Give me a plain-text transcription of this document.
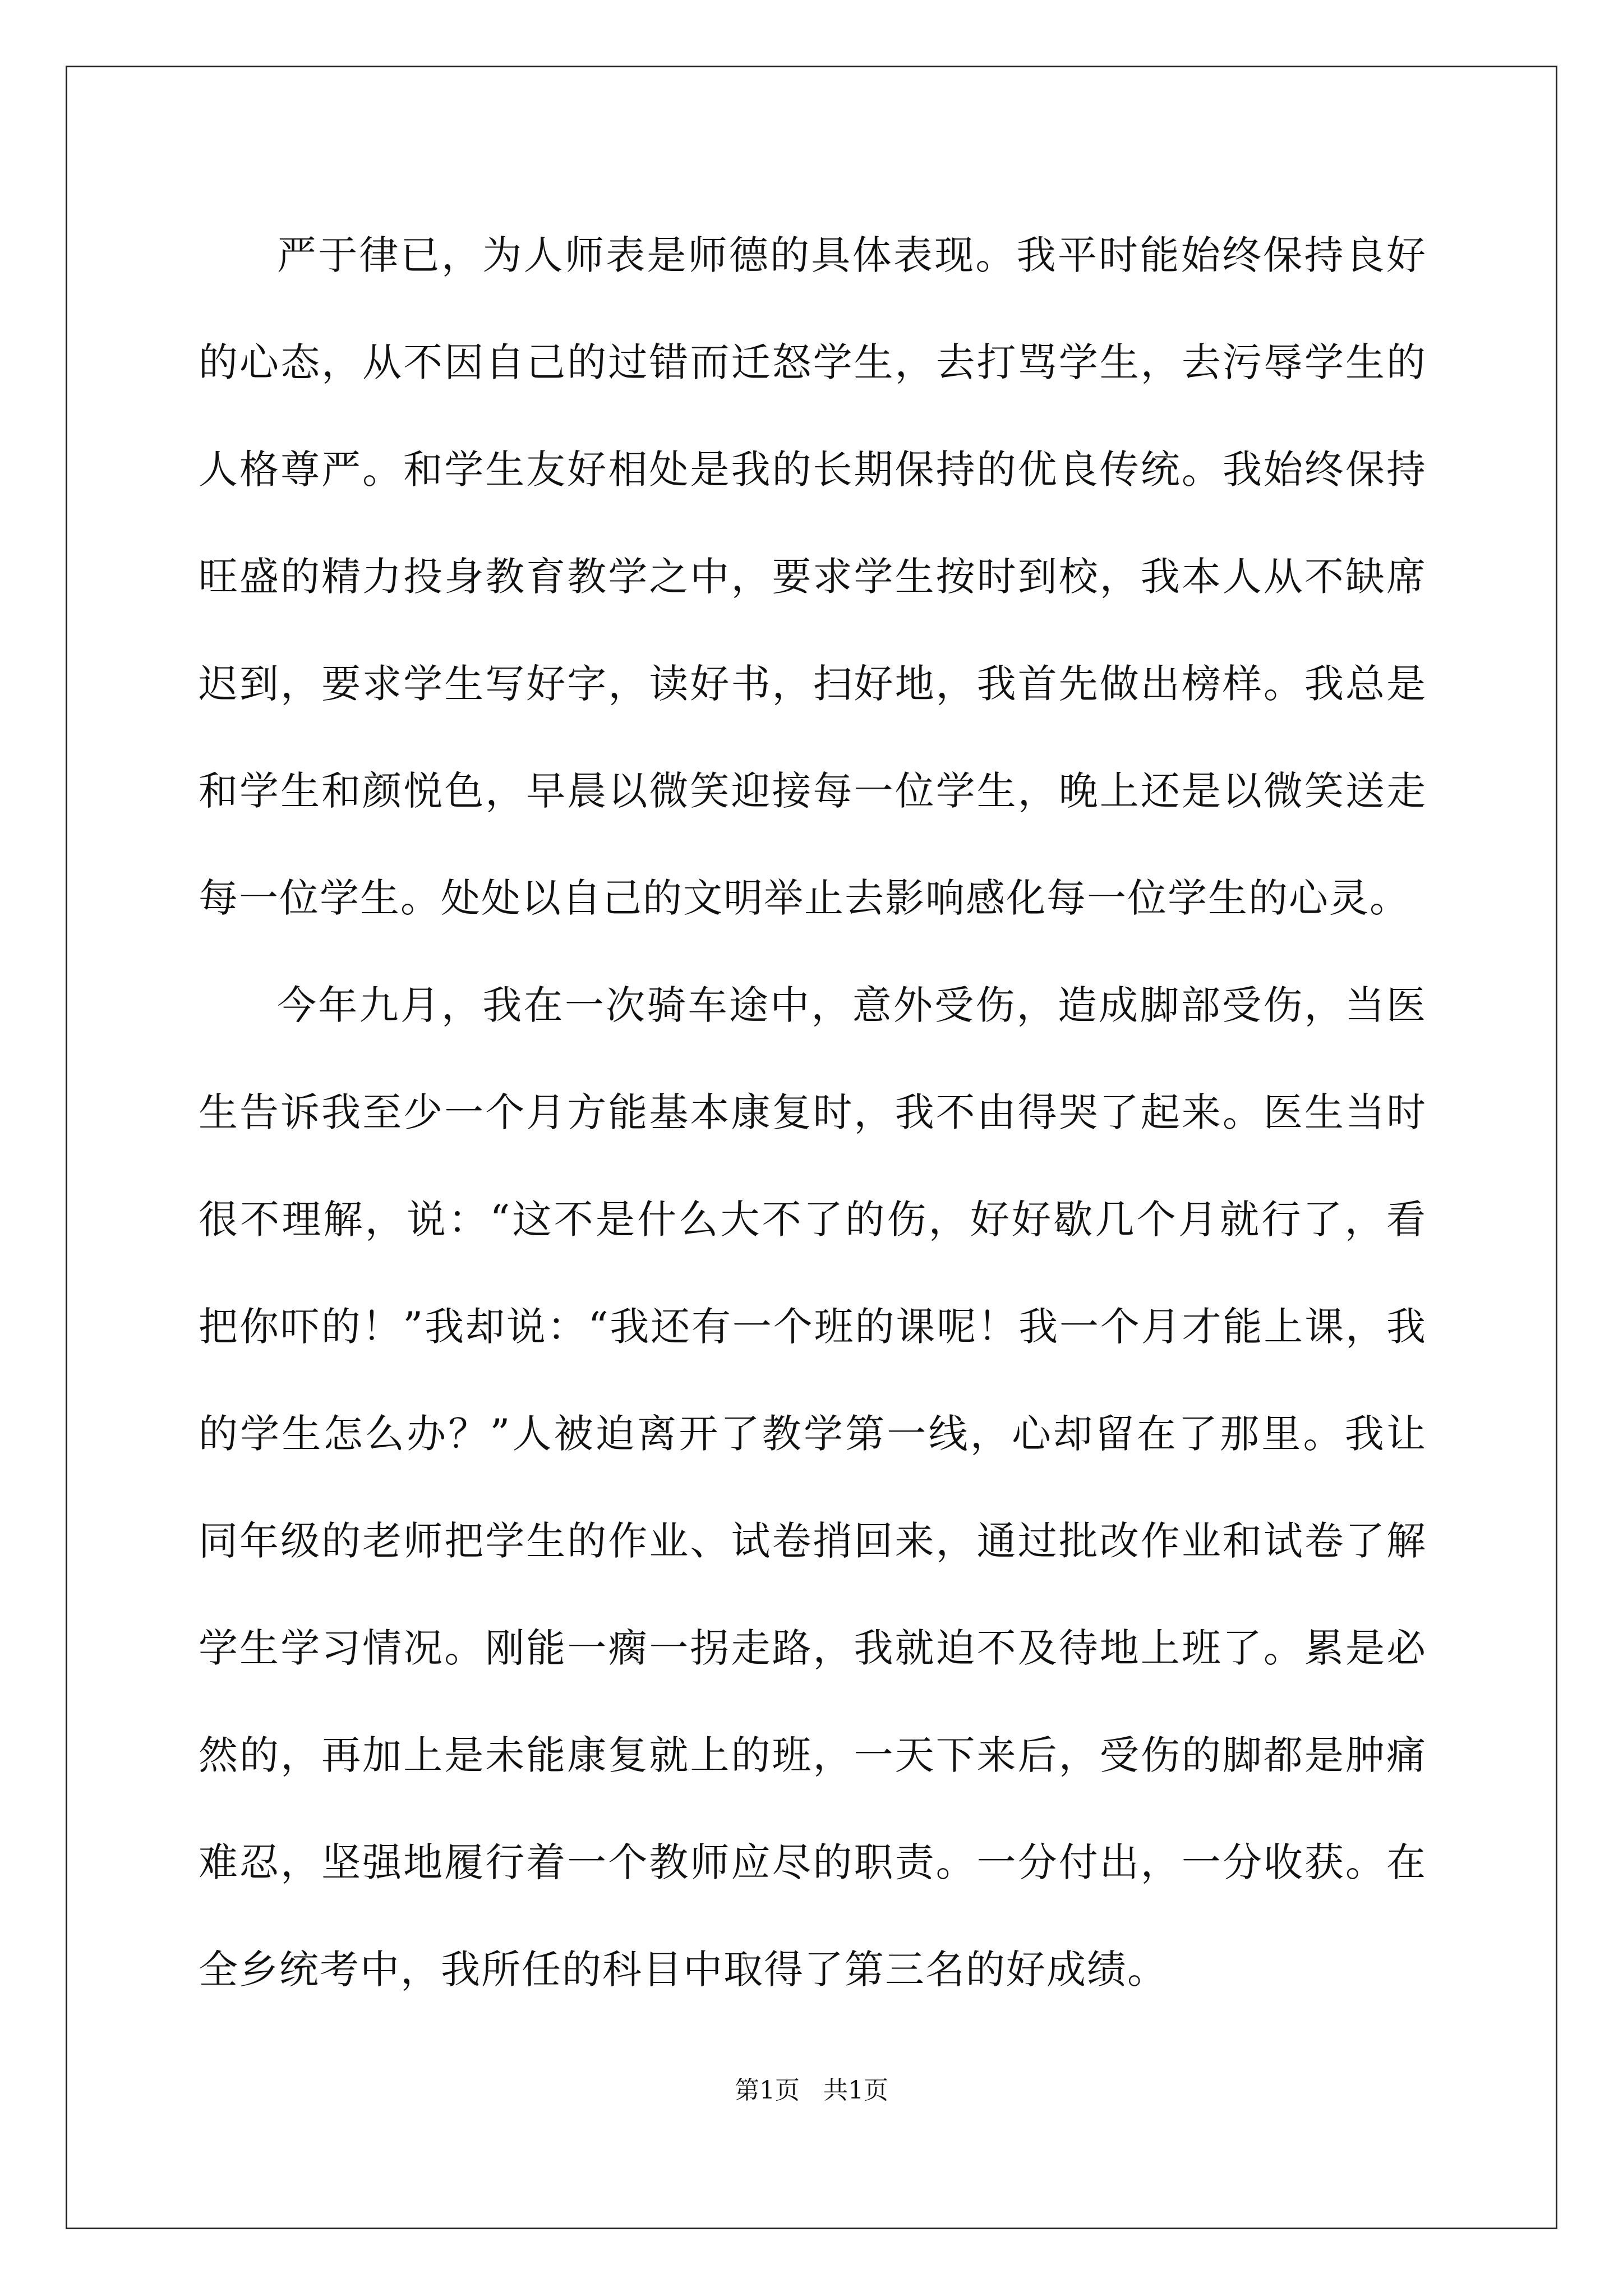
严于律已，为人师表是师德的具体表现。我平时能始终保持良好的心态，从不因自己的过错而迁怒学生，去打骂学生，去污辱学生的人格尊严。和学生友好相处是我的长期保持的优良传统。我始终保持旺盛的精力投身教育教学之中，要求学生按时到校，我本人从不缺席迟到，要求学生写好字，读好书，扫好地，我首先做出榜样。我总是和学生和颜悦色，早晨以微笑迎接每一位学生，晚上还是以微笑送走每一位学生。处处以自己的文明举止去影响感化每一位学生的心灵。

今年九月，我在一次骑车途中，意外受伤，造成脚部受伤，当医生告诉我至少一个月方能基本康复时，我不由得哭了起来。医生当时很不理解，说：“这不是什么大不了的伤，好好歇几个月就行了，看把你吓的！”我却说：“我还有一个班的课呢！我一个月才能上课，我的学生怎么办？”人被迫离开了教学第一线，心却留在了那里。我让同年级的老师把学生的作业、试卷捎回来，通过批改作业和试卷了解学生学习情况。刚能一瘸一拐走路，我就迫不及待地上班了。累是必然的，再加上是未能康复就上的班，一天下来后，受伤的脚都是肿痛难忍，坚强地履行着一个教师应尽的职责。一分付出，一分收获。在全乡统考中，我所任的科目中取得了第三名的好成绩。

第1页   共1页
